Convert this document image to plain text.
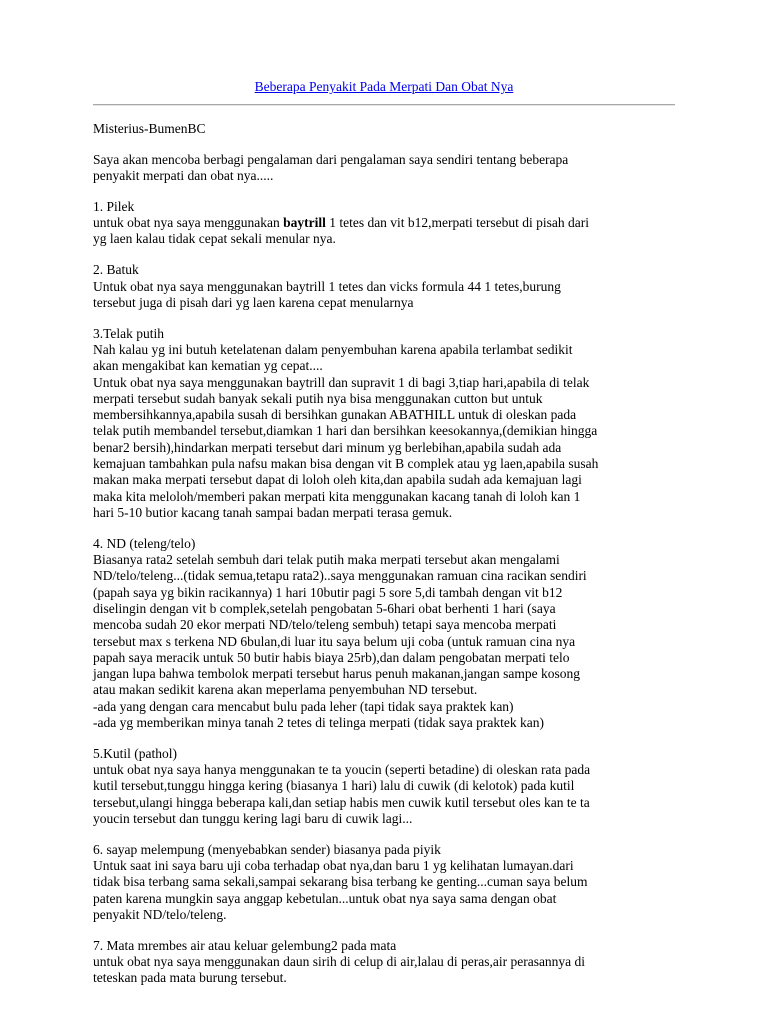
Beberapa Penyakit Pada Merpati Dan Obat Nya

Misterius-BumenBC

Saya akan mencoba berbagi pengalaman dari pengalaman saya sendiri tentang beberapa

penyakit merpati dan obat nya.....

1. Pilek

untuk obat nya saya menggunakan baytrill 1 tetes dan vit b12,merpati tersebut di pisah dari

yg laen kalau tidak cepat sekali menular nya.

2. Batuk

Untuk obat nya saya menggunakan baytrill 1 tetes dan vicks formula 44 1 tetes,burung

tersebut juga di pisah dari yg laen karena cepat menularnya

3.Telak putih

Nah kalau yg ini butuh ketelatenan dalam penyembuhan karena apabila terlambat sedikit

akan mengakibat kan kematian yg cepat....

Untuk obat nya saya menggunakan baytrill dan supravit 1 di bagi 3,tiap hari,apabila di telak

merpati tersebut sudah banyak sekali putih nya bisa menggunakan cutton but untuk

membersihkannya,apabila susah di bersihkan gunakan ABATHILL untuk di oleskan pada

telak putih membandel tersebut,diamkan 1 hari dan bersihkan keesokannya,(demikian hingga

benar2 bersih),hindarkan merpati tersebut dari minum yg berlebihan,apabila sudah ada

kemajuan tambahkan pula nafsu makan bisa dengan vit B complek atau yg laen,apabila susah

makan maka merpati tersebut dapat di loloh oleh kita,dan apabila sudah ada kemajuan lagi

maka kita meloloh/memberi pakan merpati kita menggunakan kacang tanah di loloh kan 1

hari 5-10 butior kacang tanah sampai badan merpati terasa gemuk.

4. ND (teleng/telo)

Biasanya rata2 setelah sembuh dari telak putih maka merpati tersebut akan mengalami

ND/telo/teleng...(tidak semua,tetapu rata2)..saya menggunakan ramuan cina racikan sendiri

(papah saya yg bikin racikannya) 1 hari 10butir pagi 5 sore 5,di tambah dengan vit b12

diselingin dengan vit b complek,setelah pengobatan 5-6hari obat berhenti 1 hari (saya

mencoba sudah 20 ekor merpati ND/telo/teleng sembuh) tetapi saya mencoba merpati

tersebut max s terkena ND 6bulan,di luar itu saya belum uji coba (untuk ramuan cina nya

papah saya meracik untuk 50 butir habis biaya 25rb),dan dalam pengobatan merpati telo

jangan lupa bahwa tembolok merpati tersebut harus penuh makanan,jangan sampe kosong

atau makan sedikit karena akan meperlama penyembuhan ND tersebut.

-ada yang dengan cara mencabut bulu pada leher (tapi tidak saya praktek kan)

-ada yg memberikan minya tanah 2 tetes di telinga merpati (tidak saya praktek kan)

5.Kutil (pathol)

untuk obat nya saya hanya menggunakan te ta youcin (seperti betadine) di oleskan rata pada

kutil tersebut,tunggu hingga kering (biasanya 1 hari) lalu di cuwik (di kelotok) pada kutil

tersebut,ulangi hingga beberapa kali,dan setiap habis men cuwik kutil tersebut oles kan te ta

youcin tersebut dan tunggu kering lagi baru di cuwik lagi...

6. sayap melempung (menyebabkan sender) biasanya pada piyik

Untuk saat ini saya baru uji coba terhadap obat nya,dan baru 1 yg kelihatan lumayan.dari

tidak bisa terbang sama sekali,sampai sekarang bisa terbang ke genting...cuman saya belum

paten karena mungkin saya anggap kebetulan...untuk obat nya saya sama dengan obat

penyakit ND/telo/teleng.

7. Mata mrembes air atau keluar gelembung2 pada mata

untuk obat nya saya menggunakan daun sirih di celup di air,lalau di peras,air perasannya di

teteskan pada mata burung tersebut.
